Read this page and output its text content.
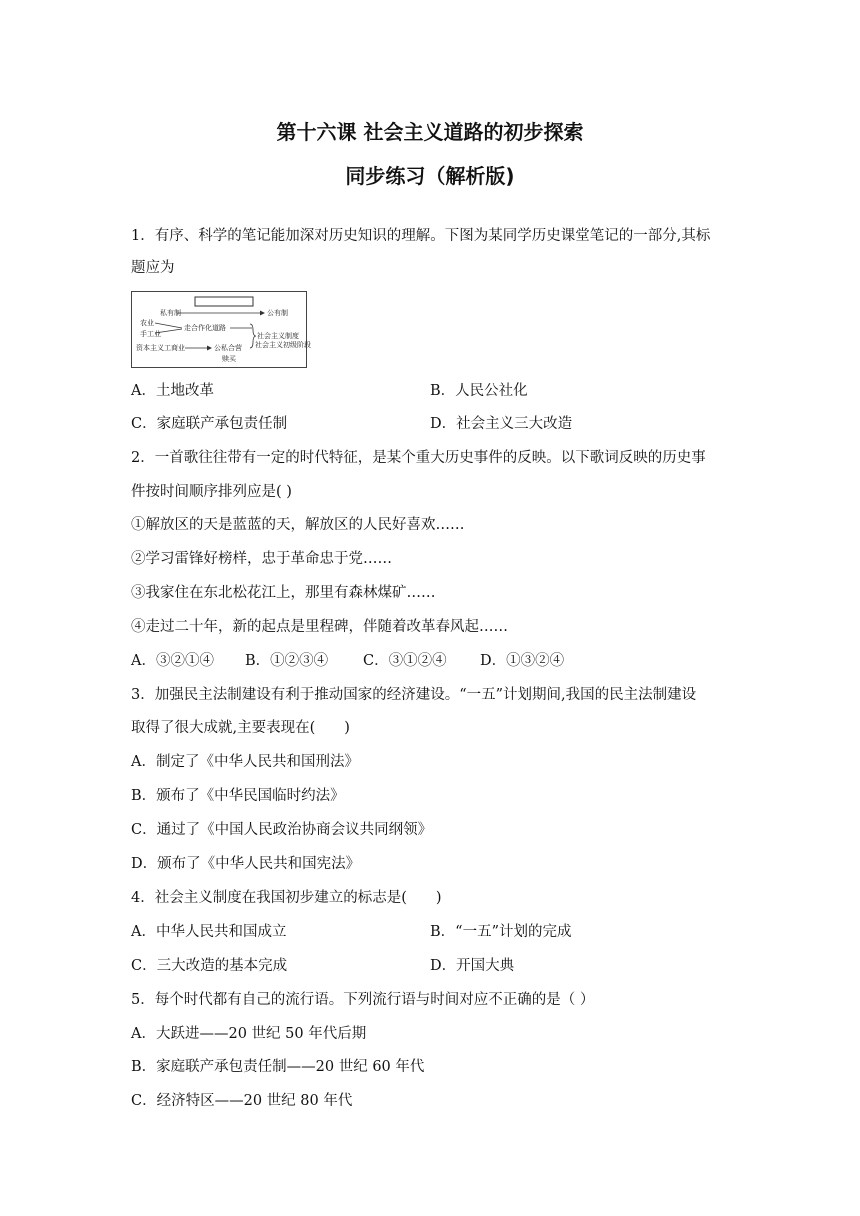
第十六课 社会主义道路的初步探索
同步练习（解析版)
1．有序、科学的笔记能加深对历史知识的理解。下图为某同学历史课堂笔记的一部分,其标
题应为
私有制	公有制
农业
手工业
走合作化道路
资本主义工商业	公私合营
赎买
社会主义制度
社会主义初级阶段
A．土地改革	B．人民公社化
C．家庭联产承包责任制	D．社会主义三大改造
2．一首歌往往带有一定的时代特征，是某个重大历史事件的反映。以下歌词反映的历史事
件按时间顺序排列应是( )
①解放区的天是蓝蓝的天，解放区的人民好喜欢……
②学习雷锋好榜样，忠于革命忠于党……
③我家住在东北松花江上，那里有森林煤矿……
④走过二十年，新的起点是里程碑，伴随着改革春风起……
A．③②①④ B．①②③④ C．③①②④ D．①③②④
3．加强民主法制建设有利于推动国家的经济建设。“一五”计划期间,我国的民主法制建设
取得了很大成就,主要表现在(　　)
A．制定了《中华人民共和国刑法》
B．颁布了《中华民国临时约法》
C．通过了《中国人民政治协商会议共同纲领》
D．颁布了《中华人民共和国宪法》
4．社会主义制度在我国初步建立的标志是(　　)
A．中华人民共和国成立	B．“一五”计划的完成
C．三大改造的基本完成	D．开国大典
5．每个时代都有自己的流行语。下列流行语与时间对应不正确的是（ ）
A．大跃进——20 世纪 50 年代后期
B．家庭联产承包责任制——20 世纪 60 年代
C．经济特区——20 世纪 80 年代
